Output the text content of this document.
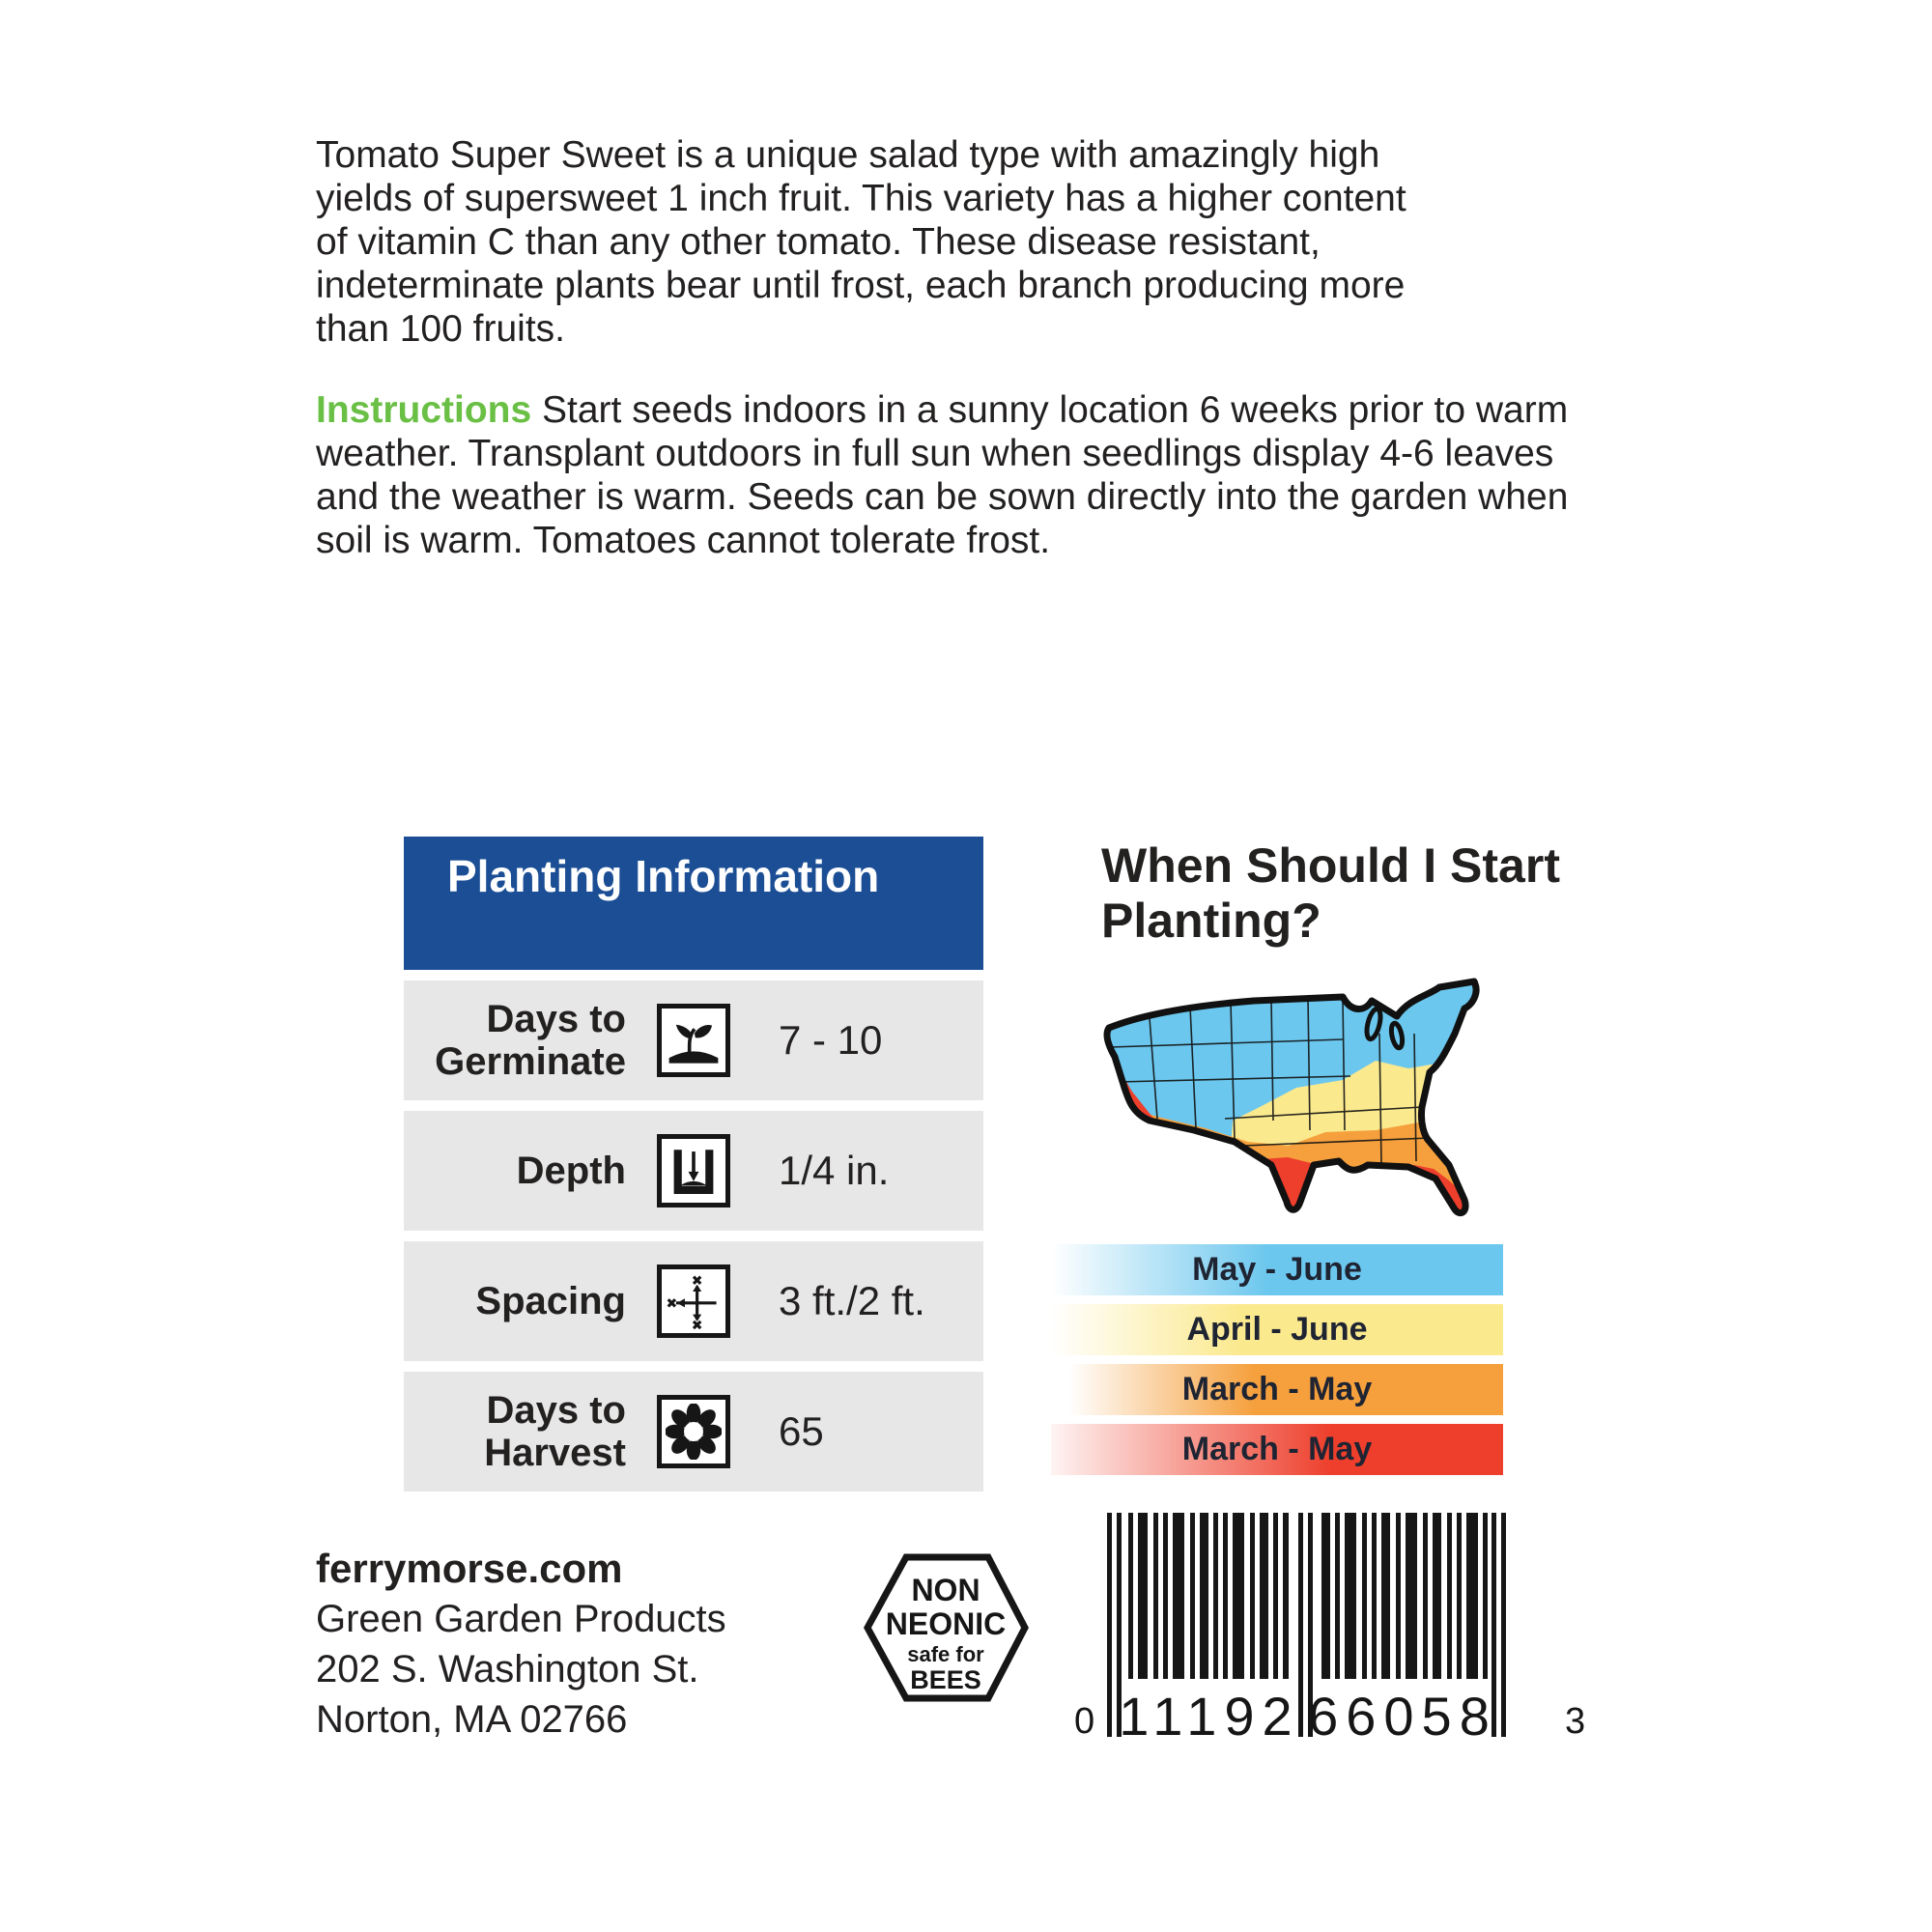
Tomato Super Sweet is a unique salad type with amazingly high yields of supersweet 1 inch fruit. This variety has a higher content of vitamin C than any other tomato. These disease resistant, indeterminate plants bear until frost, each branch producing more than 100 fruits.

Instructions Start seeds indoors in a sunny location 6 weeks prior to warm weather. Transplant outdoors in full sun when seedlings display 4-6 leaves and the weather is warm. Seeds can be sown directly into the garden when soil is warm. Tomatoes cannot tolerate frost.

Planting Information
Days to Germinate	7 - 10
Depth	1/4 in.
Spacing	3 ft./2 ft.
Days to Harvest	65
When Should I Start Planting?
May - June
April - June
March - May
March - May
ferrymorse.com
Green Garden Products
202 S. Washington St.
Norton, MA 02766
NON
NEONIC
safe for
BEES
0 11192 66058 3
